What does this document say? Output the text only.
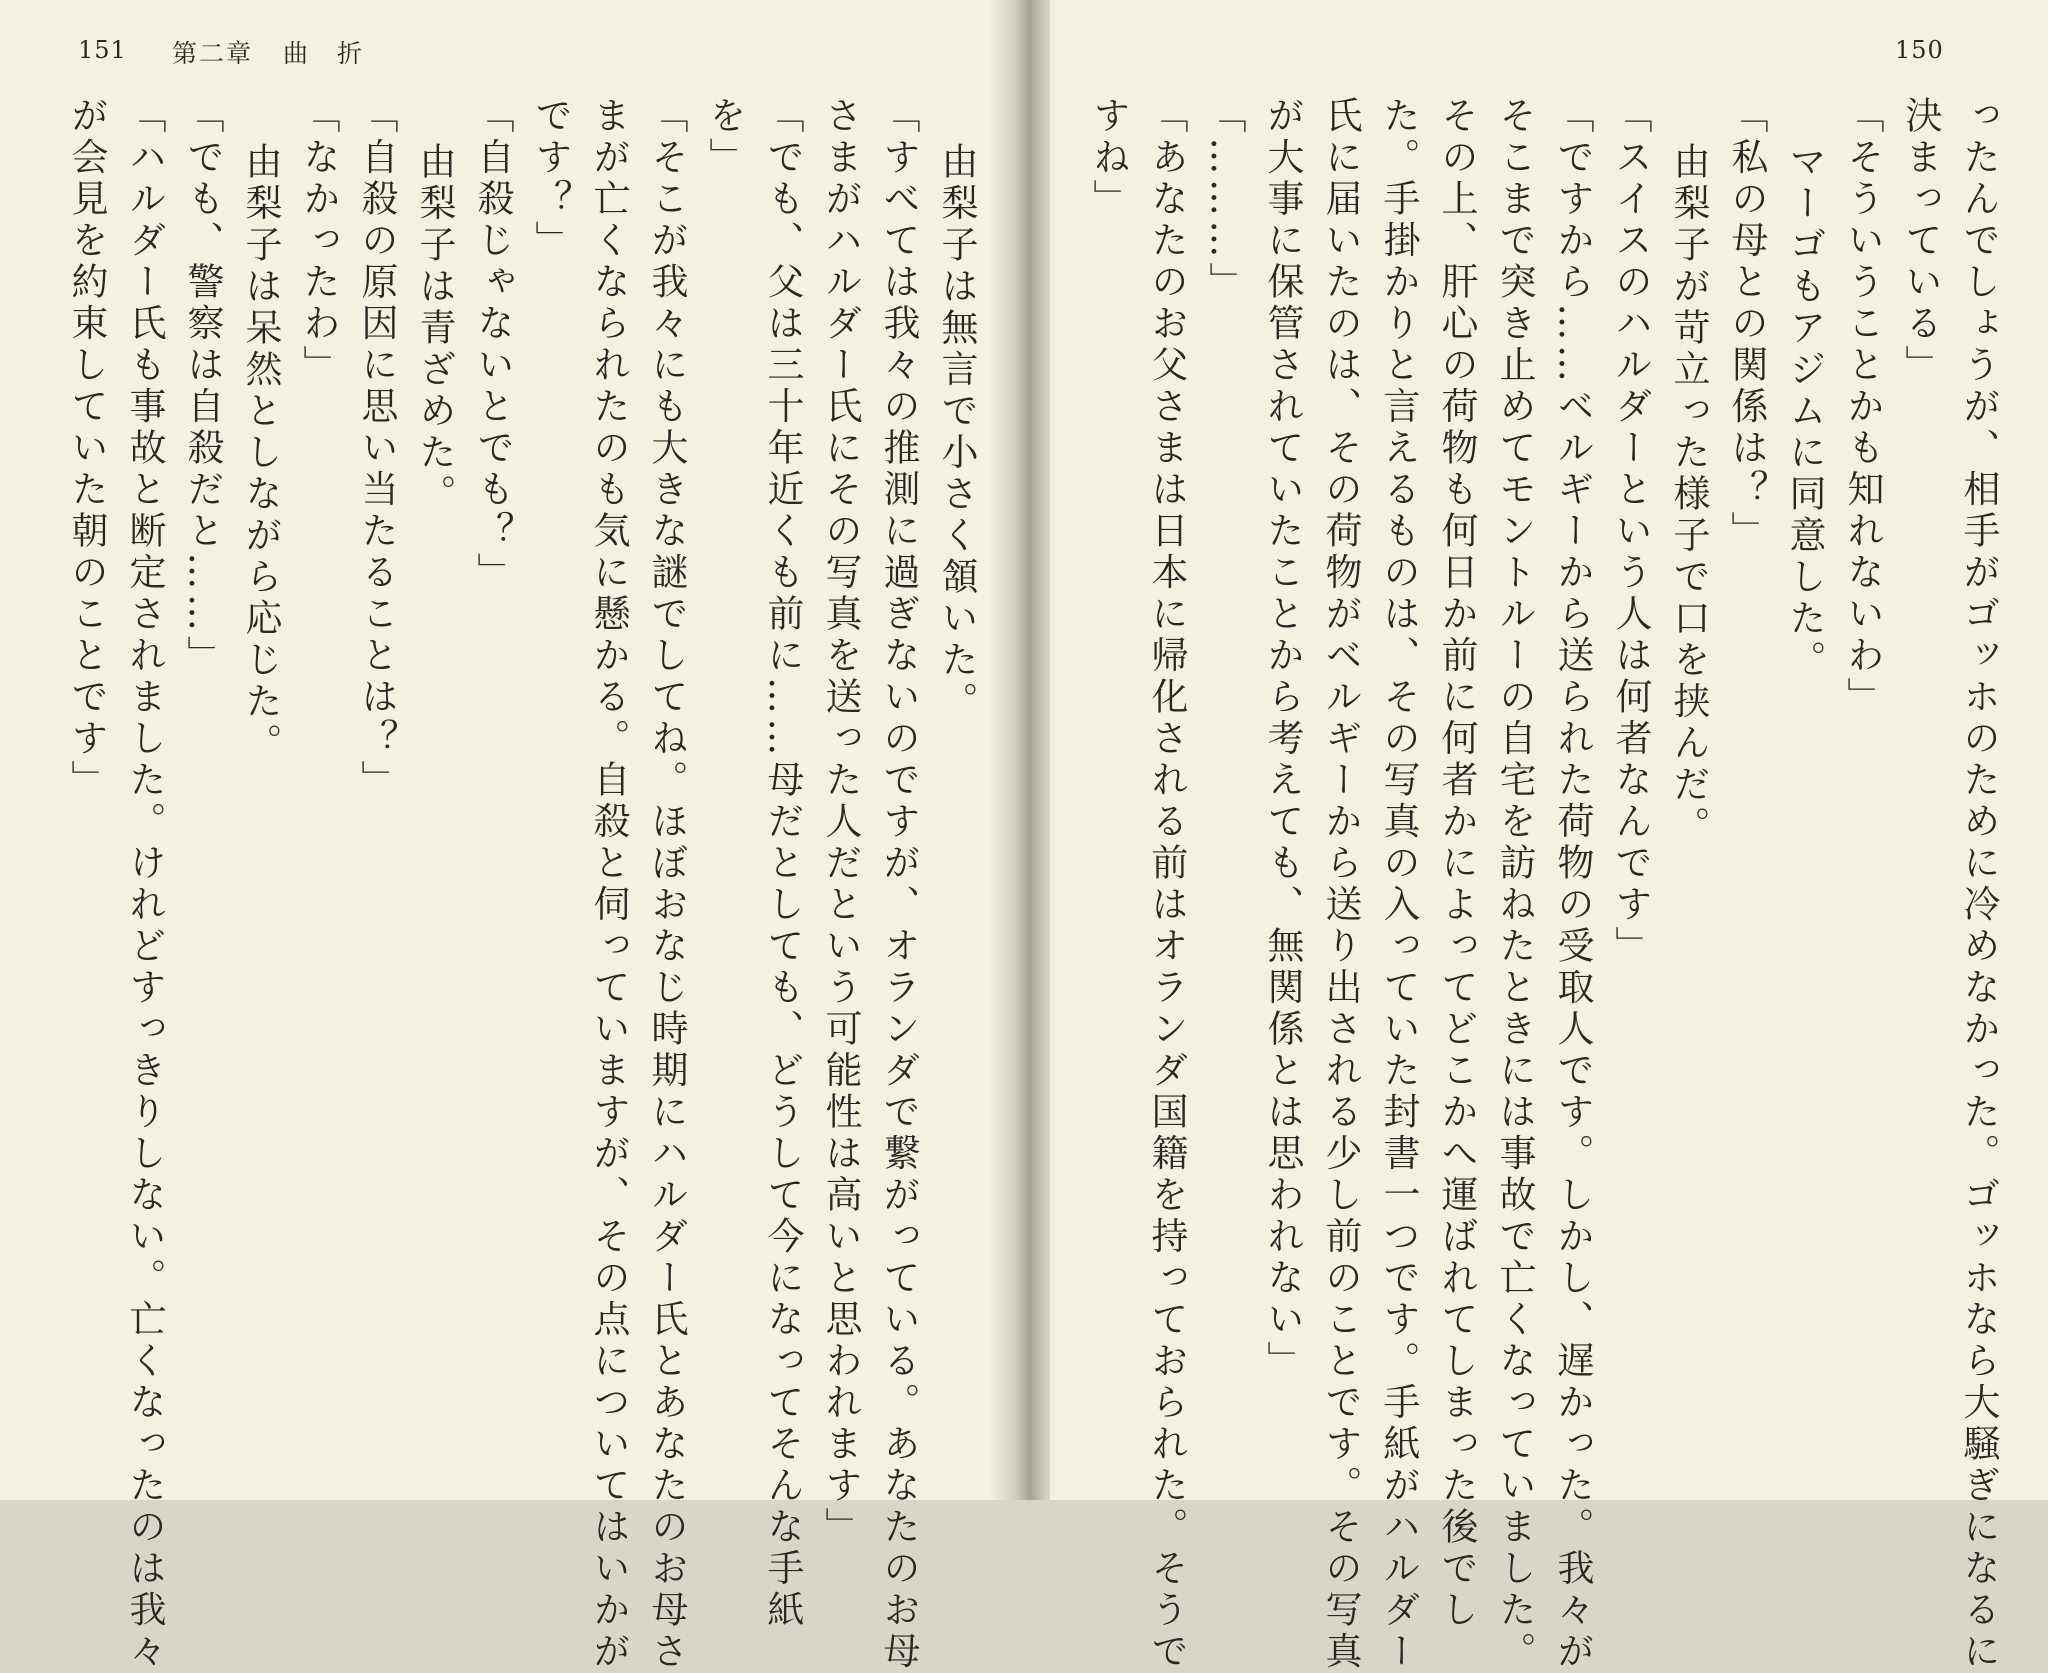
151 第二章 曲　折
が会見を約束していた朝のことです」 「ハルダー氏も事故と断定されました。けれどすっきりしない。亡くなったのは我々 「でも、警察は自殺だと……」 由梨子は呆然としながら応じた。 「なかったわ」 「自殺の原因に思い当たることは？」 由梨子は青ざめた。 「自殺じゃないとでも？」 です？」 まが亡くなられたのも気に懸かる。自殺と伺っていますが、その点についてはいかが 「そこが我々にも大きな謎でしてね。ほぼおなじ時期にハルダー氏とあなたのお母さ を」 「でも、父は三十年近くも前に……母だとしても、どうして今になってそんな手紙 さまがハルダー氏にその写真を送った人だという可能性は高いと思われます」 「すべては我々の推測に過ぎないのですが、オランダで繋がっている。あなたのお母 由梨子は無言で小さく頷いた。
150
すね」 「あなたのお父さまは日本に帰化される前はオランダ国籍を持っておられた。そうで 「………」 が大事に保管されていたことから考えても、無関係とは思われない」 氏に届いたのは、その荷物がベルギーから送り出される少し前のことです。その写真 た。手掛かりと言えるものは、その写真の入っていた封書一つです。手紙がハルダー その上、肝心の荷物も何日か前に何者かによってどこかへ運ばれてしまった後でし そこまで突き止めてモントルーの自宅を訪ねたときには事故で亡くなっていました。 「ですから……ベルギーから送られた荷物の受取人です。しかし、遅かった。我々が 「スイスのハルダーという人は何者なんです」 由梨子が苛立った様子で口を挟んだ。 「私の母との関係は？」 マーゴもアジムに同意した。 「そういうことかも知れないわ」 決まっている」 ったんでしょうが、相手がゴッホのために冷めなかった。ゴッホなら大騒ぎになるに
